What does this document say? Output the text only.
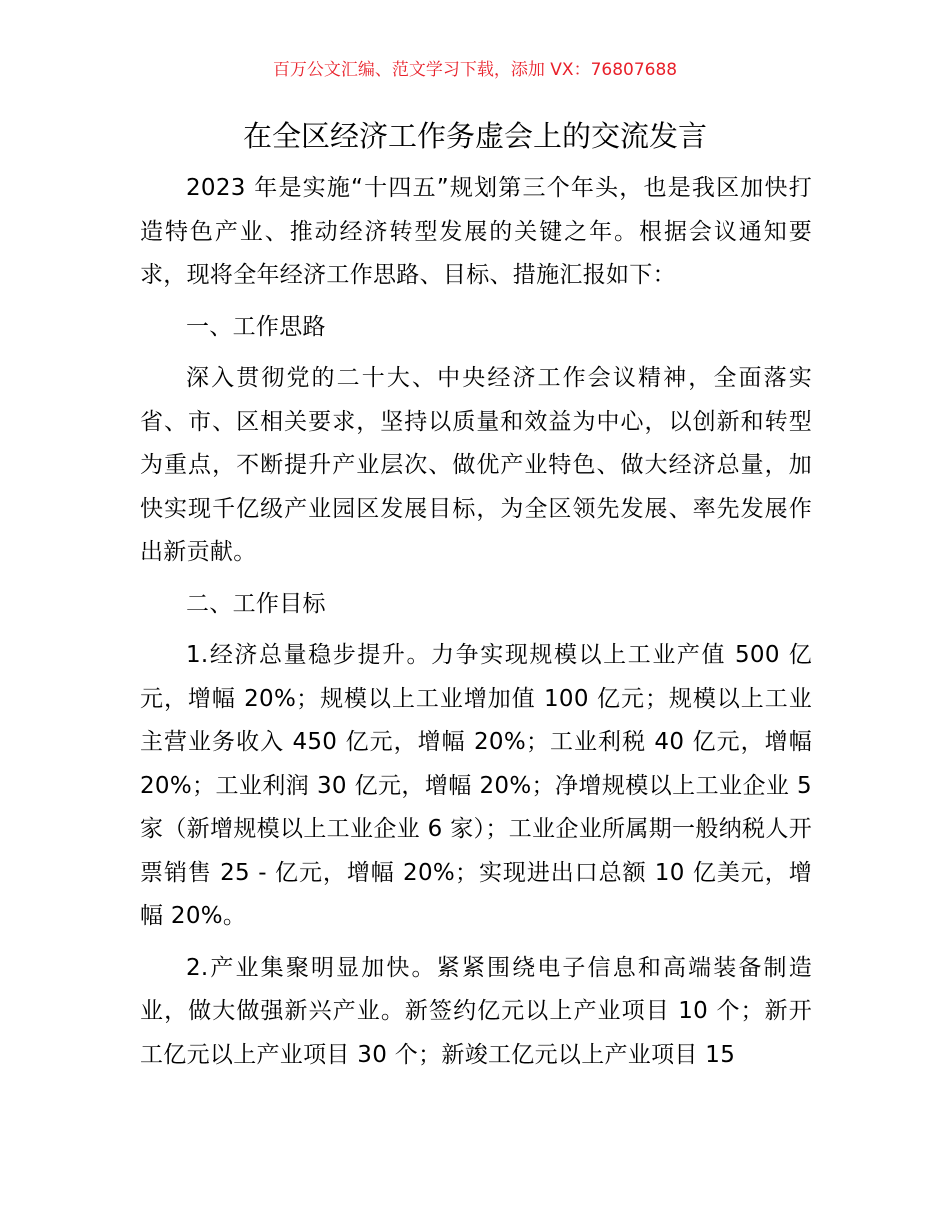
百万公文汇编、范文学习下载，添加 VX：76807688
在全区经济工作务虚会上的交流发言

2023 年是实施“十四五”规划第三个年头，也是我区加快打造特色产业、推动经济转型发展的关键之年。根据会议通知要求，现将全年经济工作思路、目标、措施汇报如下：

一、工作思路

深入贯彻党的二十大、中央经济工作会议精神，全面落实省、市、区相关要求，坚持以质量和效益为中心，以创新和转型为重点，不断提升产业层次、做优产业特色、做大经济总量，加快实现千亿级产业园区发展目标，为全区领先发展、率先发展作出新贡献。

二、工作目标

1.经济总量稳步提升。力争实现规模以上工业产值 500 亿元，增幅 20%；规模以上工业增加值 100 亿元；规模以上工业主营业务收入 450 亿元，增幅 20%；工业利税 40 亿元，增幅 20%；工业利润 30 亿元，增幅 20%；净增规模以上工业企业 5 家（新增规模以上工业企业 6 家）；工业企业所属期一般纳税人开票销售 25 - 亿元，增幅 20%；实现进出口总额 10 亿美元，增幅 20%。

2.产业集聚明显加快。紧紧围绕电子信息和高端装备制造业，做大做强新兴产业。新签约亿元以上产业项目 10 个；新开工亿元以上产业项目 30 个；新竣工亿元以上产业项目 15
